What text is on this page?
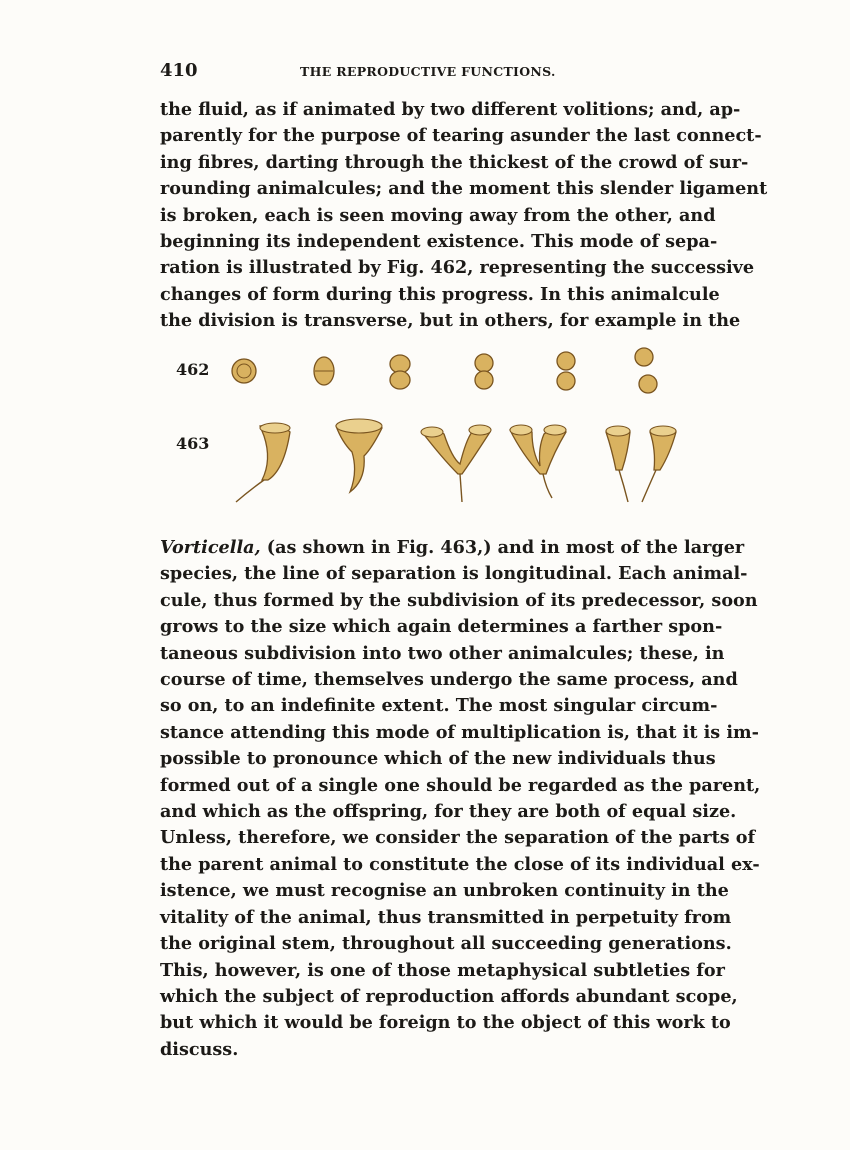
410	THE REPRODUCTIVE FUNCTIONS.
the fluid, as if animated by two different volitions; and, ap-
parently for the purpose of tearing asunder the last connect-
ing fibres, darting through the thickest of the crowd of sur-
rounding animalcules; and the moment this slender ligament
is broken, each is seen moving away from the other, and
beginning its independent existence. This mode of sepa-
ration is illustrated by Fig. 462, representing the successive
changes of form during this progress. In this animalcule
the division is transverse, but in others, for example in the
462
463
Vorticella, (as shown in Fig. 463,) and in most of the larger
species, the line of separation is longitudinal. Each animal-
cule, thus formed by the subdivision of its predecessor, soon
grows to the size which again determines a farther spon-
taneous subdivision into two other animalcules; these, in
course of time, themselves undergo the same process, and
so on, to an indefinite extent. The most singular circum-
stance attending this mode of multiplication is, that it is im-
possible to pronounce which of the new individuals thus
formed out of a single one should be regarded as the parent,
and which as the offspring, for they are both of equal size.
Unless, therefore, we consider the separation of the parts of
the parent animal to constitute the close of its individual ex-
istence, we must recognise an unbroken continuity in the
vitality of the animal, thus transmitted in perpetuity from
the original stem, throughout all succeeding generations.
This, however, is one of those metaphysical subtleties for
which the subject of reproduction affords abundant scope,
but which it would be foreign to the object of this work to
discuss.
